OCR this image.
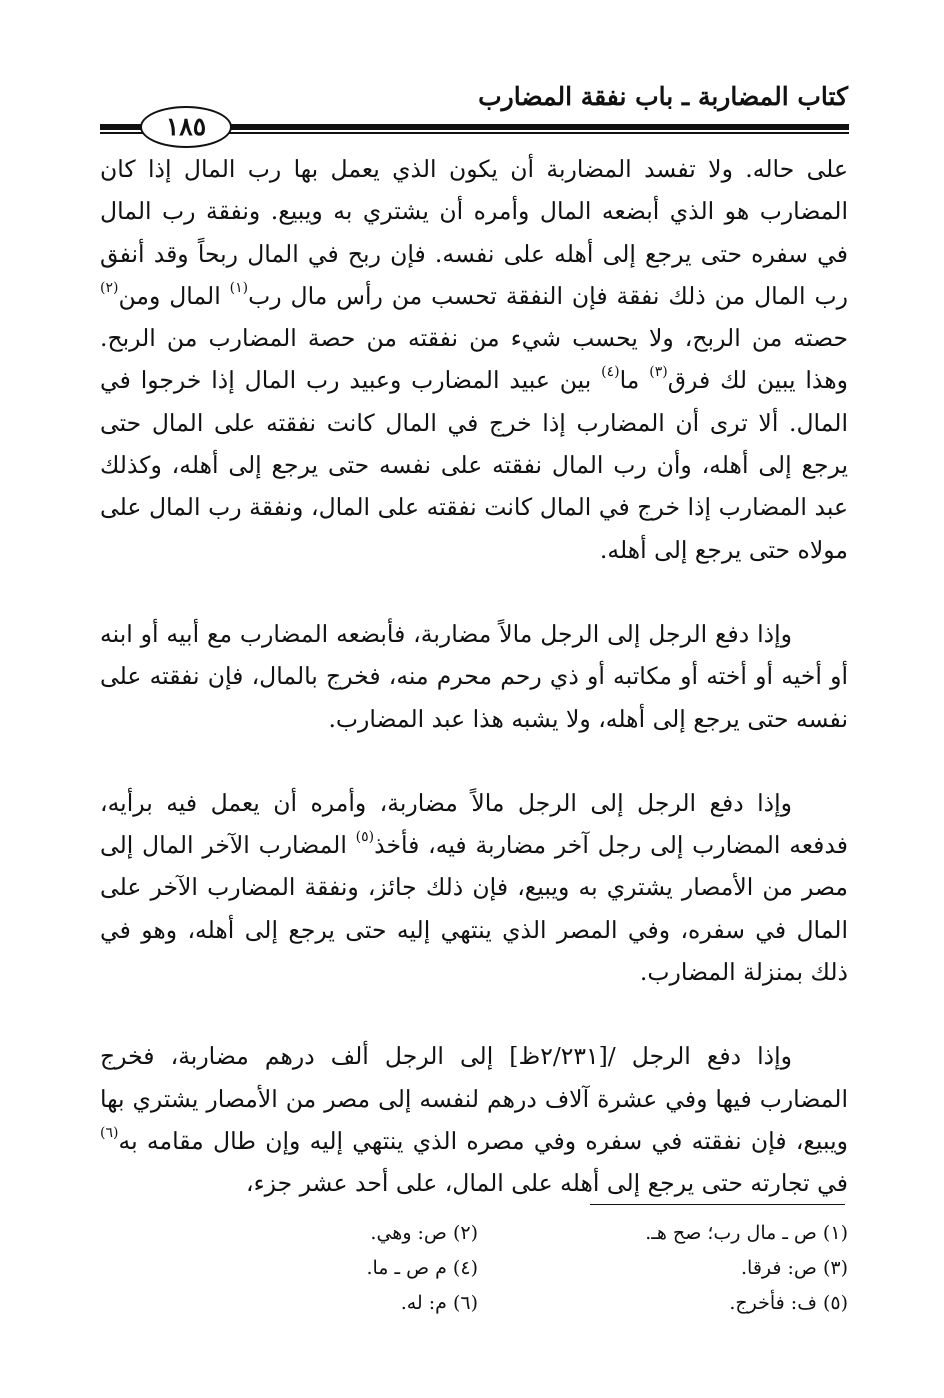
كتاب المضاربة ـ باب نفقة المضارب
١٨٥

على حاله. ولا تفسد المضاربة أن يكون الذي يعمل بها رب المال إذا كان المضارب هو الذي أبضعه المال وأمره أن يشتري به ويبيع. ونفقة رب المال في سفره حتى يرجع إلى أهله على نفسه. فإن ربح في المال ربحاً وقد أنفق رب المال من ذلك نفقة فإن النفقة تحسب من رأس مال رب$^{(١)}$ المال ومن$^{(٢)}$ حصته من الربح، ولا يحسب شيء من نفقته من حصة المضارب من الربح. وهذا يبين لك فرق$^{(٣)}$ ما$^{(٤)}$ بين عبيد المضارب وعبيد رب المال إذا خرجوا في المال. ألا ترى أن المضارب إذا خرج في المال كانت نفقته على المال حتى يرجع إلى أهله، وأن رب المال نفقته على نفسه حتى يرجع إلى أهله، وكذلك عبد المضارب إذا خرج في المال كانت نفقته على المال، ونفقة رب المال على مولاه حتى يرجع إلى أهله.

وإذا دفع الرجل إلى الرجل مالاً مضاربة، فأبضعه المضارب مع أبيه أو ابنه أو أخيه أو أخته أو مكاتبه أو ذي رحم محرم منه، فخرج بالمال، فإن نفقته على نفسه حتى يرجع إلى أهله، ولا يشبه هذا عبد المضارب.

وإذا دفع الرجل إلى الرجل مالاً مضاربة، وأمره أن يعمل فيه برأيه، فدفعه المضارب إلى رجل آخر مضاربة فيه، فأخذ$^{(٥)}$ المضارب الآخر المال إلى مصر من الأمصار يشتري به ويبيع، فإن ذلك جائز، ونفقة المضارب الآخر على المال في سفره، وفي المصر الذي ينتهي إليه حتى يرجع إلى أهله، وهو في ذلك بمنزلة المضارب.

وإذا دفع الرجل /[٢/٢٣١ظ] إلى الرجل ألف درهم مضاربة، فخرج المضارب فيها وفي عشرة آلاف درهم لنفسه إلى مصر من الأمصار يشتري بها ويبيع، فإن نفقته في سفره وفي مصره الذي ينتهي إليه وإن طال مقامه به$^{(٦)}$ في تجارته حتى يرجع إلى أهله على المال، على أحد عشر جزء،

(١) ص ـ مال رب؛ صح هـ.
(٢) ص: وهي.
(٣) ص: فرقا.
(٤) م ص ـ ما.
(٥) ف: فأخرج.
(٦) م: له.
